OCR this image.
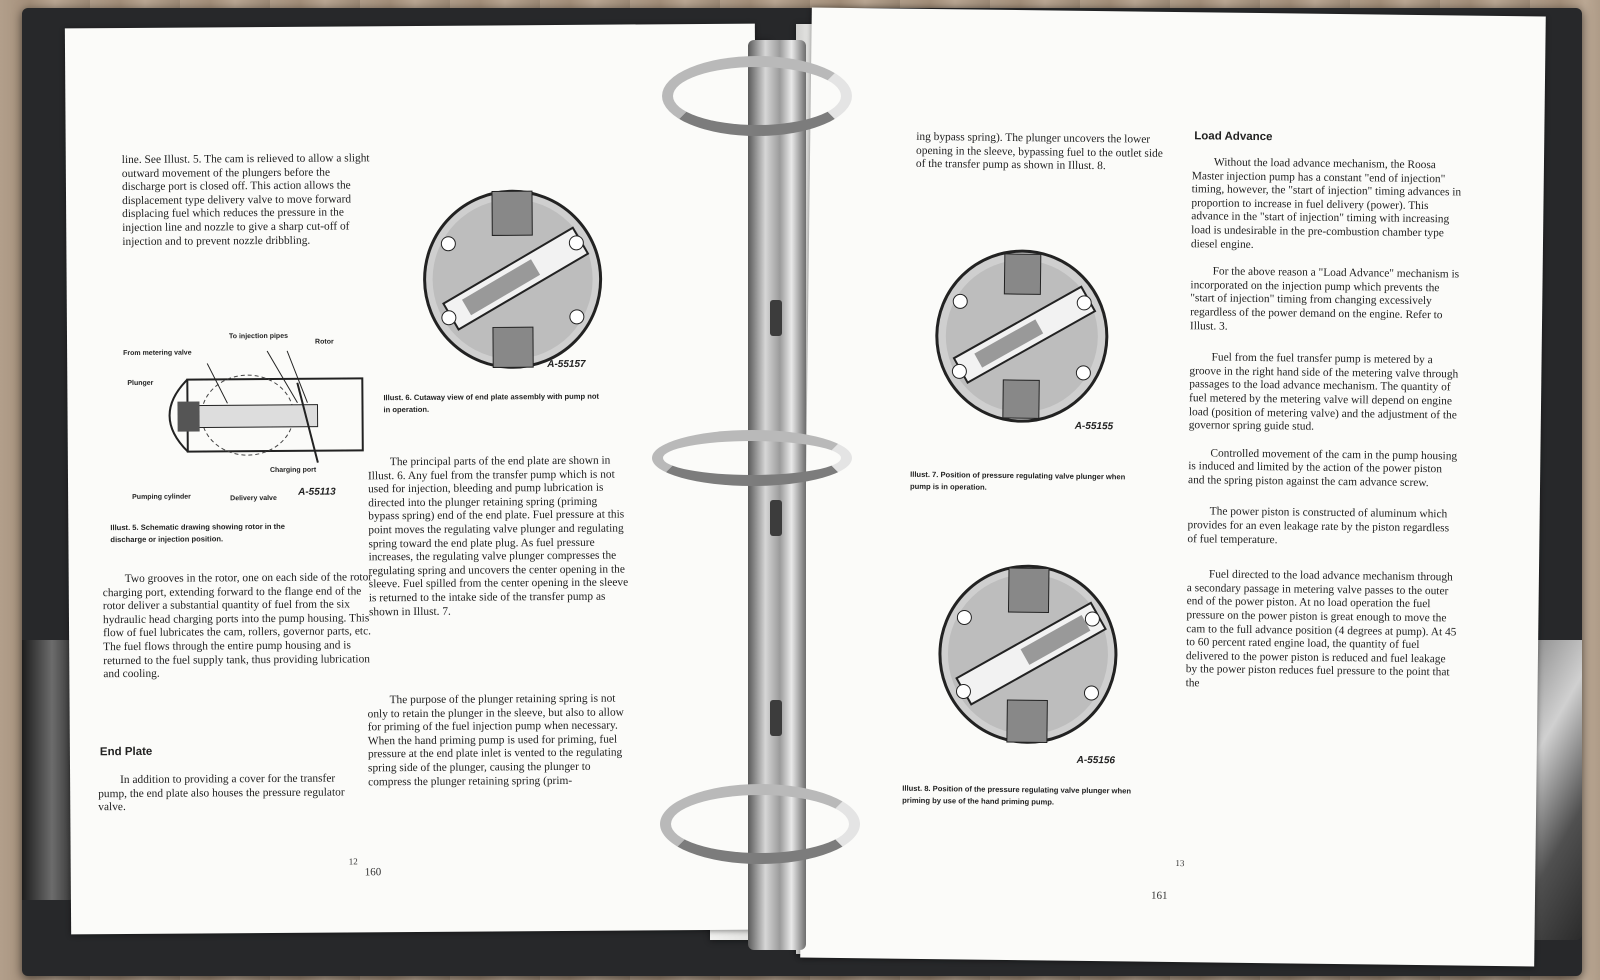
line. See Illust. 5. The cam is relieved to allow a slight outward movement of the plungers before the discharge port is closed off. This action allows the displacement type delivery valve to move forward displacing fuel which reduces the pressure in the injection line and nozzle to give a sharp cut-off of injection and to prevent nozzle dribbling.
To injection pipes
From metering valve
Rotor
Plunger
Charging port
Pumping cylinder	Delivery valve
A-55113
Illust. 5. Schematic drawing showing rotor in the discharge or injection position.

Two grooves in the rotor, one on each side of the rotor charging port, extending forward to the flange end of the rotor deliver a substantial quantity of fuel from the six hydraulic head charging ports into the pump housing. This flow of fuel lubricates the cam, rollers, governor parts, etc. The fuel flows through the entire pump housing and is returned to the fuel supply tank, thus providing lubrication and cooling.

End Plate

In addition to providing a cover for the transfer pump, the end plate also houses the pressure regulator valve.

A-55157
Illust. 6. Cutaway view of end plate assembly with pump not in operation.

The principal parts of the end plate are shown in Illust. 6. Any fuel from the transfer pump which is not used for injection, bleeding and pump lubrication is directed into the plunger retaining spring (priming bypass spring) end of the end plate. Fuel pressure at this point moves the regulating valve plunger and regulating spring toward the end plate plug. As fuel pressure increases, the regulating valve plunger compresses the regulating spring and uncovers the center opening in the sleeve. Fuel spilled from the center opening in the sleeve is returned to the intake side of the transfer pump as shown in Illust. 7.

The purpose of the plunger retaining spring is not only to retain the plunger in the sleeve, but also to allow for priming of the fuel injection pump when necessary. When the hand priming pump is used for priming, fuel pressure at the end plate inlet is vented to the regulating spring side of the plunger, causing the plunger to compress the plunger retaining spring (prim-

12
160
ing bypass spring). The plunger uncovers the lower opening in the sleeve, bypassing fuel to the outlet side of the transfer pump as shown in Illust. 8.
A-55155
Illust. 7. Position of pressure regulating valve plunger when pump is in operation.
A-55156
Illust. 8. Position of the pressure regulating valve plunger when priming by use of the hand priming pump.
Load Advance

Without the load advance mechanism, the Roosa Master injection pump has a constant "end of injection" timing, however, the "start of injection" timing advances in proportion to increase in fuel delivery (power). This advance in the "start of injection" timing with increasing load is undesirable in the pre-combustion chamber type diesel engine.

For the above reason a "Load Advance" mechanism is incorporated on the injection pump which prevents the "start of injection" timing from changing excessively regardless of the power demand on the engine. Refer to Illust. 3.

Fuel from the fuel transfer pump is metered by a groove in the right hand side of the metering valve through passages to the load advance mechanism. The quantity of fuel metered by the metering valve will depend on engine load (position of metering valve) and the adjustment of the governor spring guide stud.

Controlled movement of the cam in the pump housing is induced and limited by the action of the power piston and the spring piston against the cam advance screw.

The power piston is constructed of aluminum which provides for an even leakage rate by the piston regardless of fuel temperature.

Fuel directed to the load advance mechanism through a secondary passage in metering valve passes to the outer end of the power piston. At no load operation the fuel pressure on the power piston is great enough to move the cam to the full advance position (4 degrees at pump). At 45 to 60 percent rated engine load, the quantity of fuel delivered to the power piston is reduced and fuel leakage by the power piston reduces fuel pressure to the point that the

13
161
